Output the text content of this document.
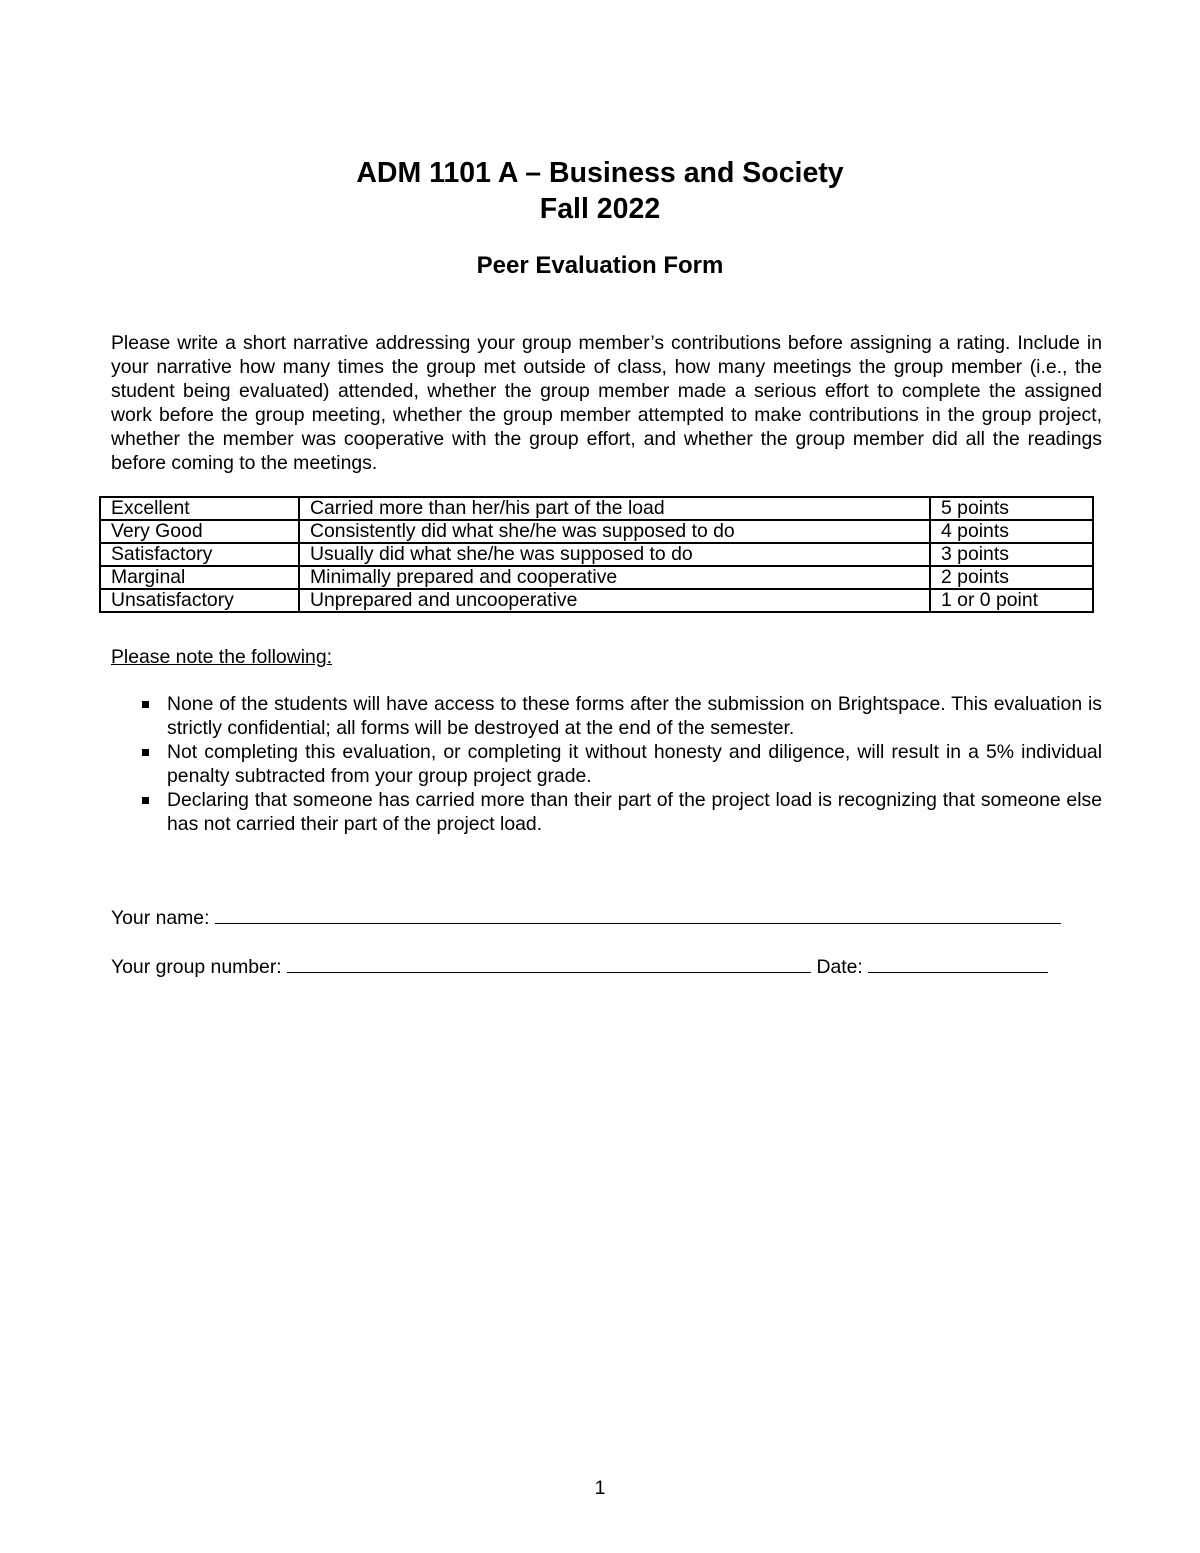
ADM 1101 A – Business and Society
Fall 2022
Peer Evaluation Form

Please write a short narrative addressing your group member’s contributions before assigning a rating. Include in your narrative how many times the group met outside of class, how many meetings the group member (i.e., the student being evaluated) attended, whether the group member made a serious effort to complete the assigned work before the group meeting, whether the group member attempted to make contributions in the group project, whether the member was cooperative with the group effort, and whether the group member did all the readings before coming to the meetings.

Excellent	Carried more than her/his part of the load	5 points
Very Good	Consistently did what she/he was supposed to do	4 points
Satisfactory	Usually did what she/he was supposed to do	3 points
Marginal	Minimally prepared and cooperative	2 points
Unsatisfactory	Unprepared and uncooperative	1 or 0 point
Please note the following:
None of the students will have access to these forms after the submission on Brightspace. This evaluation is strictly confidential; all forms will be destroyed at the end of the semester.
Not completing this evaluation, or completing it without honesty and diligence, will result in a 5% individual penalty subtracted from your group project grade.
Declaring that someone has carried more than their part of the project load is recognizing that someone else has not carried their part of the project load.
Your name:
Your group number:	Date:
1
